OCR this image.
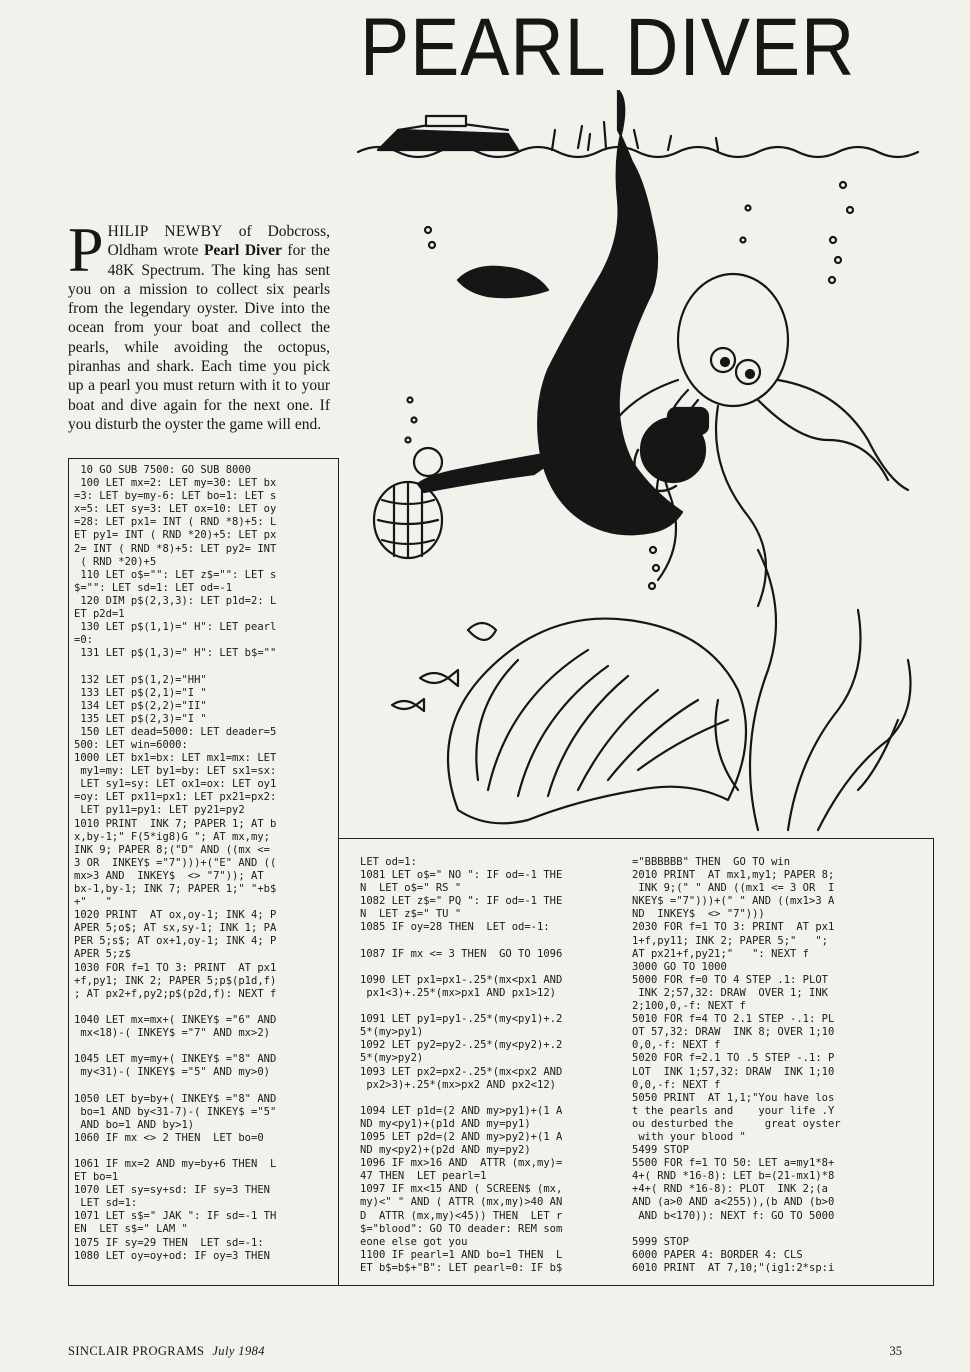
PEARL DIVER
PHILIP NEWBY of Dobcross, Oldham wrote Pearl Diver for the 48K Spectrum. The king has sent you on a mission to collect six pearls from the legendary oyster. Dive into the ocean from your boat and collect the pearls, while avoiding the octopus, piranhas and shark. Each time you pick up a pearl you must return with it to your boat and dive again for the next one. If you disturb the oyster the game will end.
10 GO SUB 7500: GO SUB 8000
100 LET mx=2: LET my=30: LET bx
=3: LET by=my-6: LET bo=1: LET s
x=5: LET sy=3: LET ox=10: LET oy
=28: LET px1= INT ( RND *8)+5: L
ET py1= INT ( RND *20)+5: LET px
2= INT ( RND *8)+5: LET py2= INT
( RND *20)+5
110 LET o$="": LET z$="": LET s
$="": LET sd=1: LET od=-1
120 DIM p$(2,3,3): LET p1d=2: L
ET p2d=1
130 LET p$(1,1)=" H": LET pearl
=0:
131 LET p$(1,3)=" H": LET b$=""

132 LET p$(1,2)="HH"
133 LET p$(2,1)="I "
134 LET p$(2,2)="II"
135 LET p$(2,3)="I "
150 LET dead=5000: LET deader=5
500: LET win=6000:
1000 LET bx1=bx: LET mx1=mx: LET
my1=my: LET by1=by: LET sx1=sx:
LET sy1=sy: LET ox1=ox: LET oy1
=oy: LET px11=px1: LET px21=px2:
LET py11=py1: LET py21=py2
1010 PRINT  INK 7; PAPER 1; AT b
x,by-1;" F(5*ig8)G "; AT mx,my;
INK 9; PAPER 8;("D" AND ((mx <=
3 OR  INKEY$ ="7")))+("E" AND ((
mx>3 AND  INKEY$  <> "7")); AT
bx-1,by-1; INK 7; PAPER 1;" "+b$
+"   "
1020 PRINT  AT ox,oy-1; INK 4; P
APER 5;o$; AT sx,sy-1; INK 1; PA
PER 5;s$; AT ox+1,oy-1; INK 4; P
APER 5;z$
1030 FOR f=1 TO 3: PRINT  AT px1
+f,py1; INK 2; PAPER 5;p$(p1d,f)
; AT px2+f,py2;p$(p2d,f): NEXT f

1040 LET mx=mx+( INKEY$ ="6" AND
mx<18)-( INKEY$ ="7" AND mx>2)

1045 LET my=my+( INKEY$ ="8" AND
my<31)-( INKEY$ ="5" AND my>0)

1050 LET by=by+( INKEY$ ="8" AND
bo=1 AND by<31-7)-( INKEY$ ="5"
AND bo=1 AND by>1)
1060 IF mx <> 2 THEN  LET bo=0

1061 IF mx=2 AND my=by+6 THEN  L
ET bo=1
1070 LET sy=sy+sd: IF sy=3 THEN
LET sd=1:
1071 LET s$=" JAK ": IF sd=-1 TH
EN  LET s$=" LAM "
1075 IF sy=29 THEN  LET sd=-1:
1080 LET oy=oy+od: IF oy=3 THEN
LET od=1:
1081 LET o$=" NO ": IF od=-1 THE
N  LET o$=" RS "
1082 LET z$=" PQ ": IF od=-1 THE
N  LET z$=" TU "
1085 IF oy=28 THEN  LET od=-1:

1087 IF mx <= 3 THEN  GO TO 1096

1090 LET px1=px1-.25*(mx<px1 AND
px1<3)+.25*(mx>px1 AND px1>12)

1091 LET py1=py1-.25*(my<py1)+.2
5*(my>py1)
1092 LET py2=py2-.25*(my<py2)+.2
5*(my>py2)
1093 LET px2=px2-.25*(mx<px2 AND
px2>3)+.25*(mx>px2 AND px2<12)

1094 LET p1d=(2 AND my>py1)+(1 A
ND my<py1)+(p1d AND my=py1)
1095 LET p2d=(2 AND my>py2)+(1 A
ND my<py2)+(p2d AND my=py2)
1096 IF mx>16 AND  ATTR (mx,my)=
47 THEN  LET pearl=1
1097 IF mx<15 AND ( SCREEN$ (mx,
my)<" " AND ( ATTR (mx,my)>40 AN
D  ATTR (mx,my)<45)) THEN  LET r
$="blood": GO TO deader: REM som
eone else got you
1100 IF pearl=1 AND bo=1 THEN  L
ET b$=b$+"B": LET pearl=0: IF b$
="BBBBBB" THEN  GO TO win
2010 PRINT  AT mx1,my1; PAPER 8;
INK 9;(" " AND ((mx1 <= 3 OR  I
NKEY$ ="7")))+(" " AND ((mx1>3 A
ND  INKEY$  <> "7")))
2030 FOR f=1 TO 3: PRINT  AT px1
1+f,py11; INK 2; PAPER 5;"   ";
AT px21+f,py21;"   ": NEXT f
3000 GO TO 1000
5000 FOR f=0 TO 4 STEP .1: PLOT
INK 2;57,32: DRAW  OVER 1; INK
2;100,0,-f: NEXT f
5010 FOR f=4 TO 2.1 STEP -.1: PL
OT 57,32: DRAW  INK 8; OVER 1;10
0,0,-f: NEXT f
5020 FOR f=2.1 TO .5 STEP -.1: P
LOT  INK 1;57,32: DRAW  INK 1;10
0,0,-f: NEXT f
5050 PRINT  AT 1,1;"You have los
t the pearls and    your life .Y
ou desturbed the     great oyster
with your blood "
5499 STOP
5500 FOR f=1 TO 50: LET a=my1*8+
4+( RND *16-8): LET b=(21-mx1)*8
+4+( RND *16-8): PLOT  INK 2;(a
AND (a>0 AND a<255)),(b AND (b>0
AND b<170)): NEXT f: GO TO 5000

5999 STOP
6000 PAPER 4: BORDER 4: CLS
6010 PRINT  AT 7,10;"(ig1:2*sp:i
SINCLAIR PROGRAMS July 1984	35
